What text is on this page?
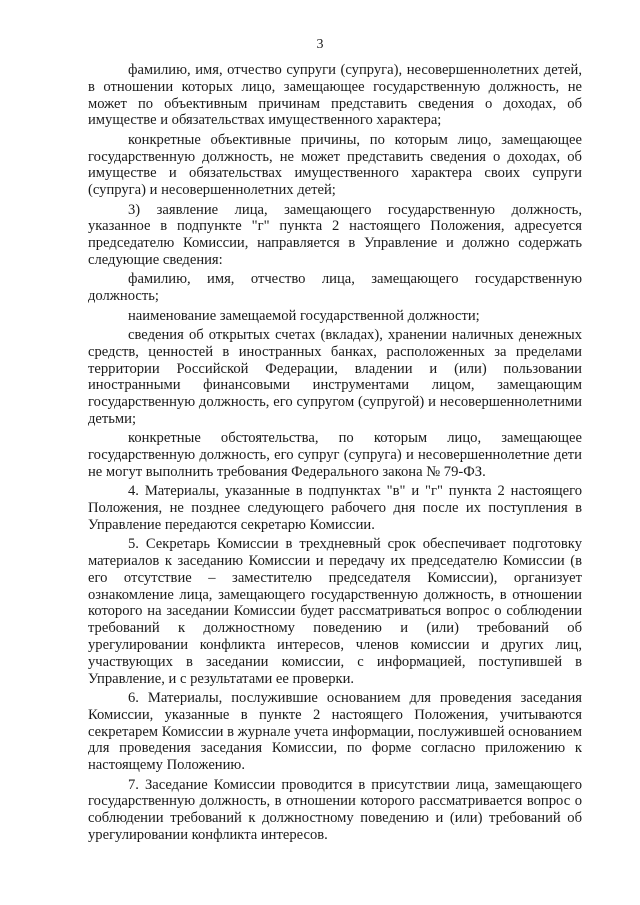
3

фамилию, имя, отчество супруги (супруга), несовершеннолетних детей, в отношении которых лицо, замещающее государственную должность, не может по объективным причинам представить сведения о доходах, об имуществе и обязательствах имущественного характера;

конкретные объективные причины, по которым лицо, замещающее государственную должность, не может представить сведения о доходах, об имуществе и обязательствах имущественного характера своих супруги (супруга) и несовершеннолетних детей;

3) заявление лица, замещающего государственную должность, указанное в подпункте "г" пункта 2 настоящего Положения, адресуется председателю Комиссии, направляется в Управление и должно содержать следующие сведения:

фамилию, имя, отчество лица, замещающего государственную должность;

наименование замещаемой государственной должности;

сведения об открытых счетах (вкладах), хранении наличных денежных средств, ценностей в иностранных банках, расположенных за пределами территории Российской Федерации, владении и (или) пользовании иностранными финансовыми инструментами лицом, замещающим государственную должность, его супругом (супругой) и несовершеннолетними детьми;

конкретные обстоятельства, по которым лицо, замещающее государственную должность, его супруг (супруга) и несовершеннолетние дети не могут выполнить требования Федерального закона № 79-ФЗ.

4. Материалы, указанные в подпунктах "в" и "г" пункта 2 настоящего Положения, не позднее следующего рабочего дня после их поступления в Управление передаются секретарю Комиссии.

5. Секретарь Комиссии в трехдневный срок обеспечивает подготовку материалов к заседанию Комиссии и передачу их председателю Комиссии (в его отсутствие – заместителю председателя Комиссии), организует ознакомление лица, замещающего государственную должность, в отношении которого на заседании Комиссии будет рассматриваться вопрос о соблюдении требований к должностному поведению и (или) требований об урегулировании конфликта интересов, членов комиссии и других лиц, участвующих в заседании комиссии, с информацией, поступившей в Управление, и с результатами ее проверки.

6. Материалы, послужившие основанием для проведения заседания Комиссии, указанные в пункте 2 настоящего Положения, учитываются секретарем Комиссии в журнале учета информации, послужившей основанием для проведения заседания Комиссии, по форме согласно приложению к настоящему Положению.

7. Заседание Комиссии проводится в присутствии лица, замещающего государственную должность, в отношении которого рассматривается вопрос о соблюдении требований к должностному поведению и (или) требований об урегулировании конфликта интересов.
